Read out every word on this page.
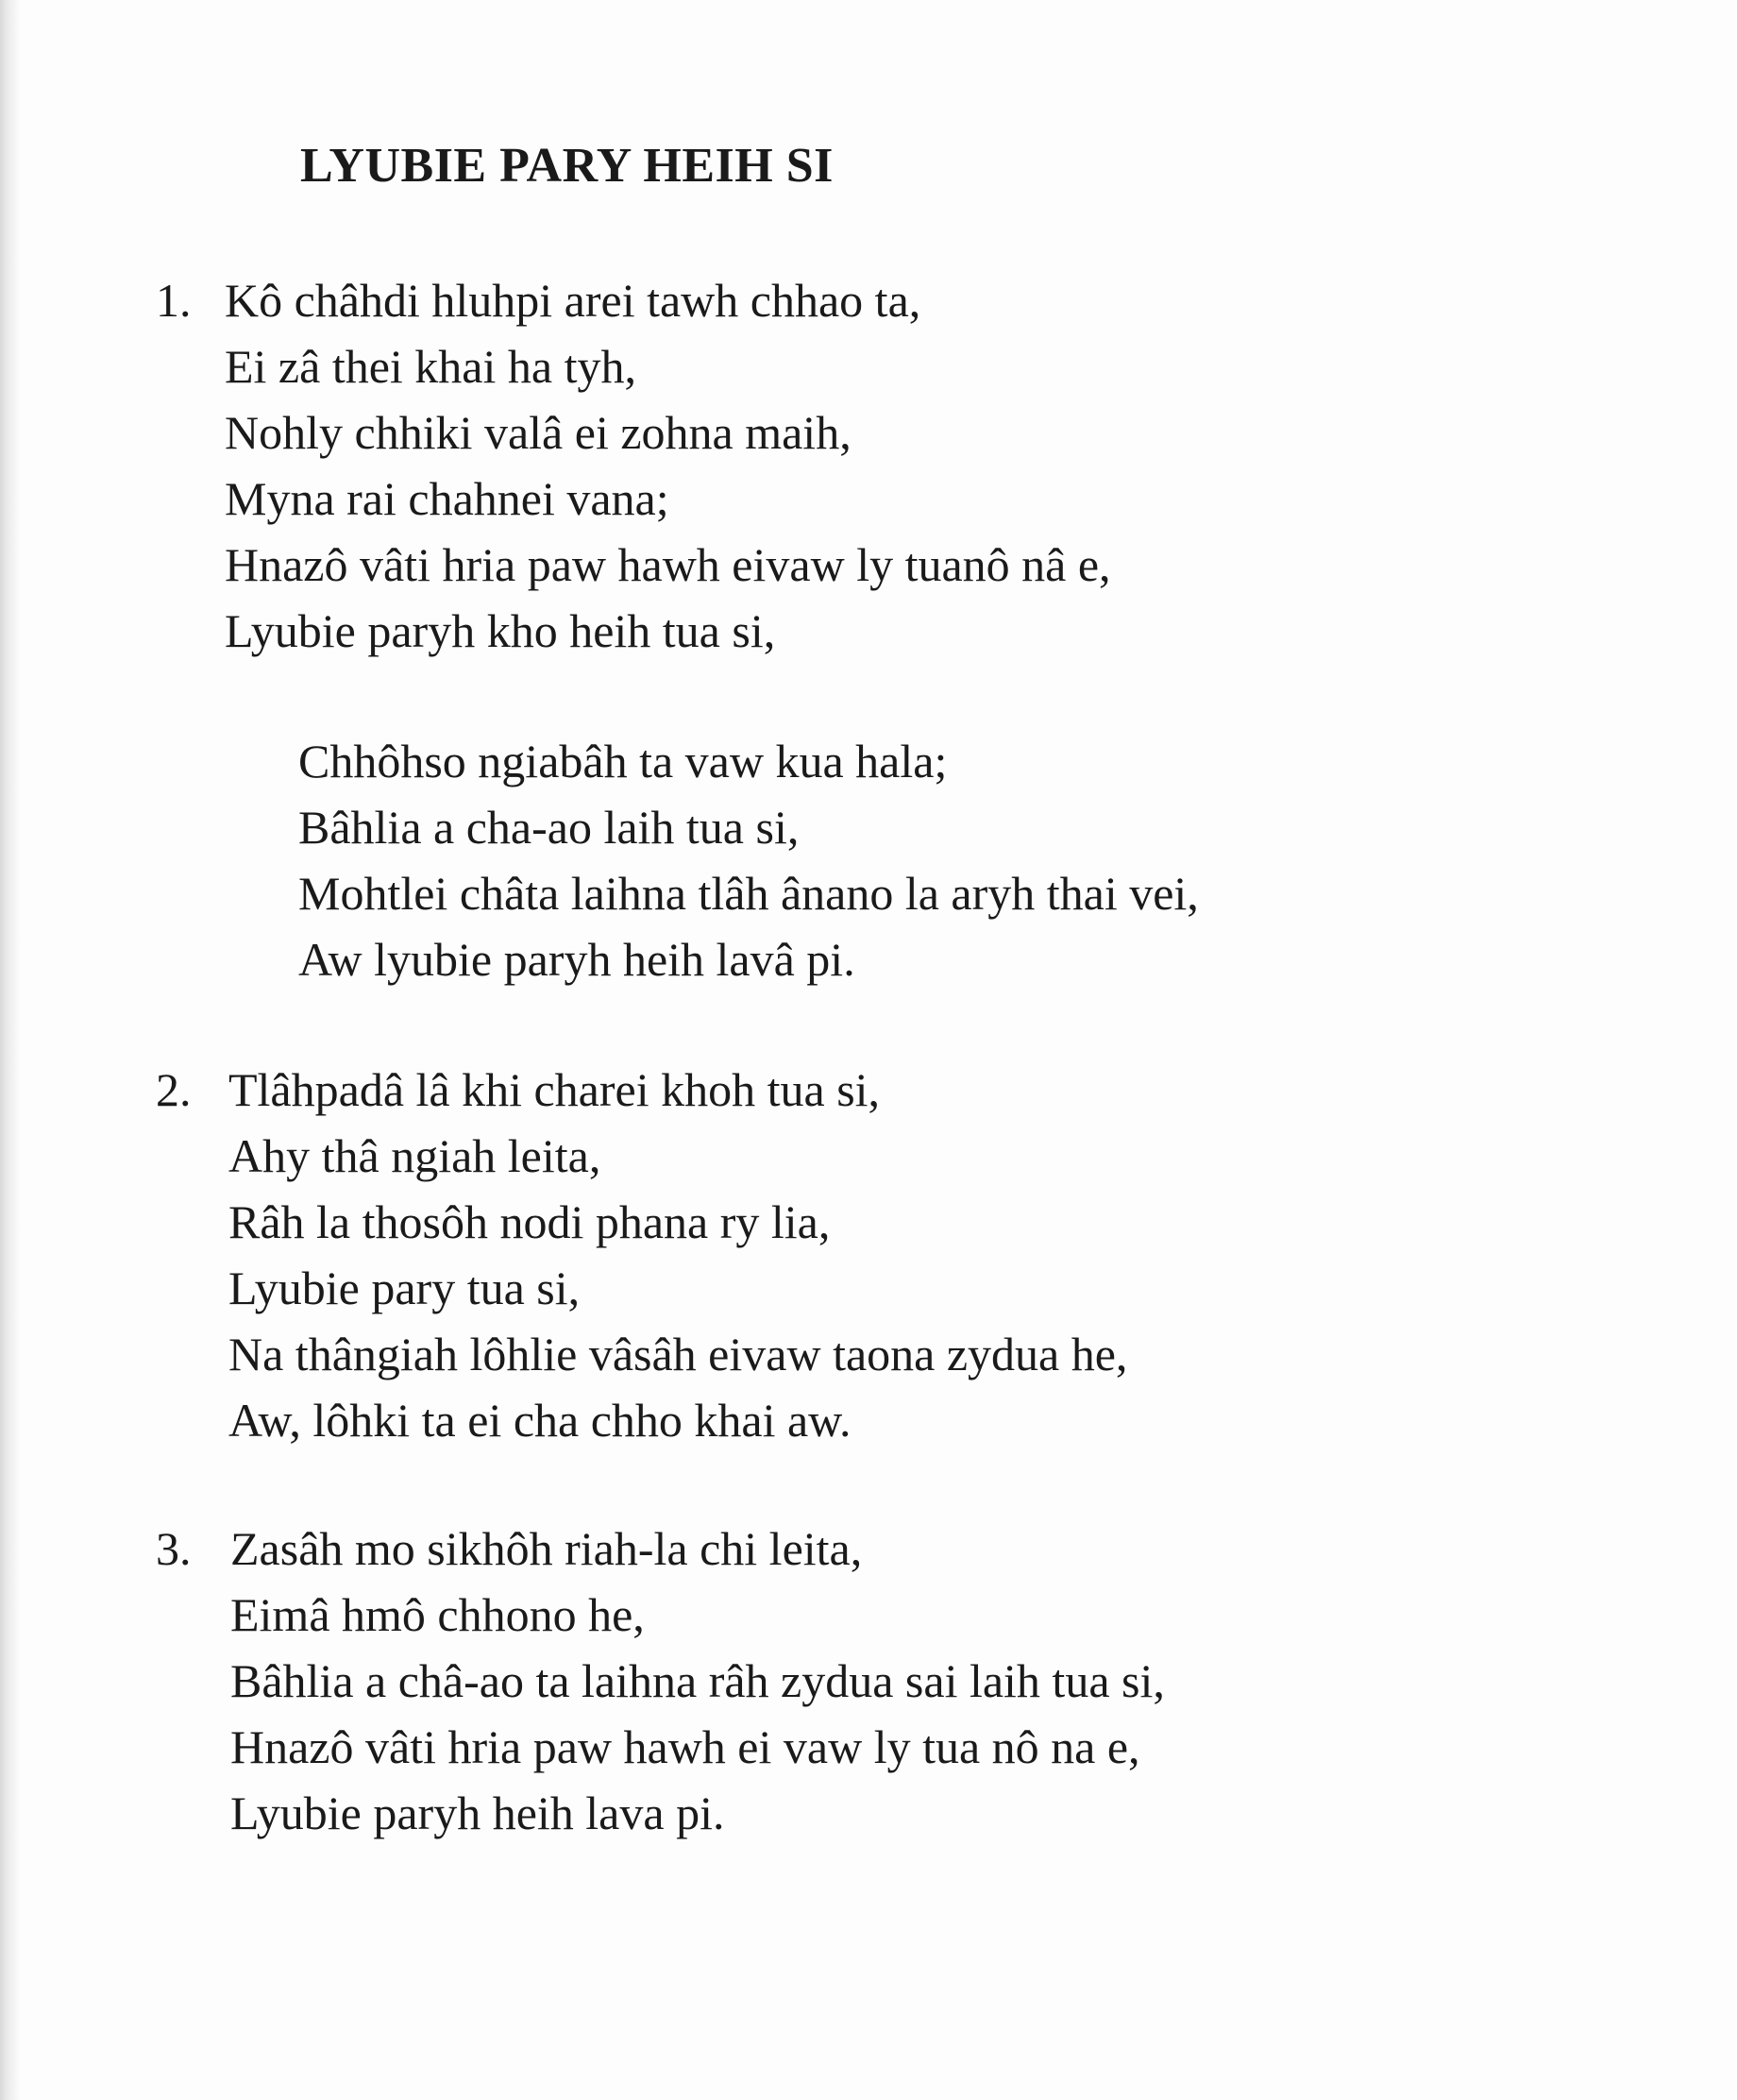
LYUBIE PARY HEIH SI
1. Kô châhdi hluhpi arei tawh chhao ta,
Ei zâ thei khai ha tyh,
Nohly chhiki valâ ei zohna maih,
Myna rai chahnei vana;
Hnazô vâti hria paw hawh eivaw ly tuanô nâ e,
Lyubie paryh kho heih tua si,
Chhôhso ngiabâh ta vaw kua hala;
Bâhlia a cha-ao laih tua si,
Mohtlei châta laihna tlâh ânano la aryh thai vei,
Aw lyubie paryh heih lavâ pi.
2. Tlâhpadâ lâ khi charei khoh tua si,
Ahy thâ ngiah leita,
Râh la thosôh nodi phana ry lia,
Lyubie pary tua si,
Na thângiah lôhlie vâsâh eivaw taona zydua he,
Aw, lôhki ta ei cha chho khai aw.
3. Zasâh mo sikhôh riah-la chi leita,
Eimâ hmô chhono he,
Bâhlia a châ-ao ta laihna râh zydua sai laih tua si,
Hnazô vâti hria paw hawh ei vaw ly tua nô na e,
Lyubie paryh heih lava pi.
